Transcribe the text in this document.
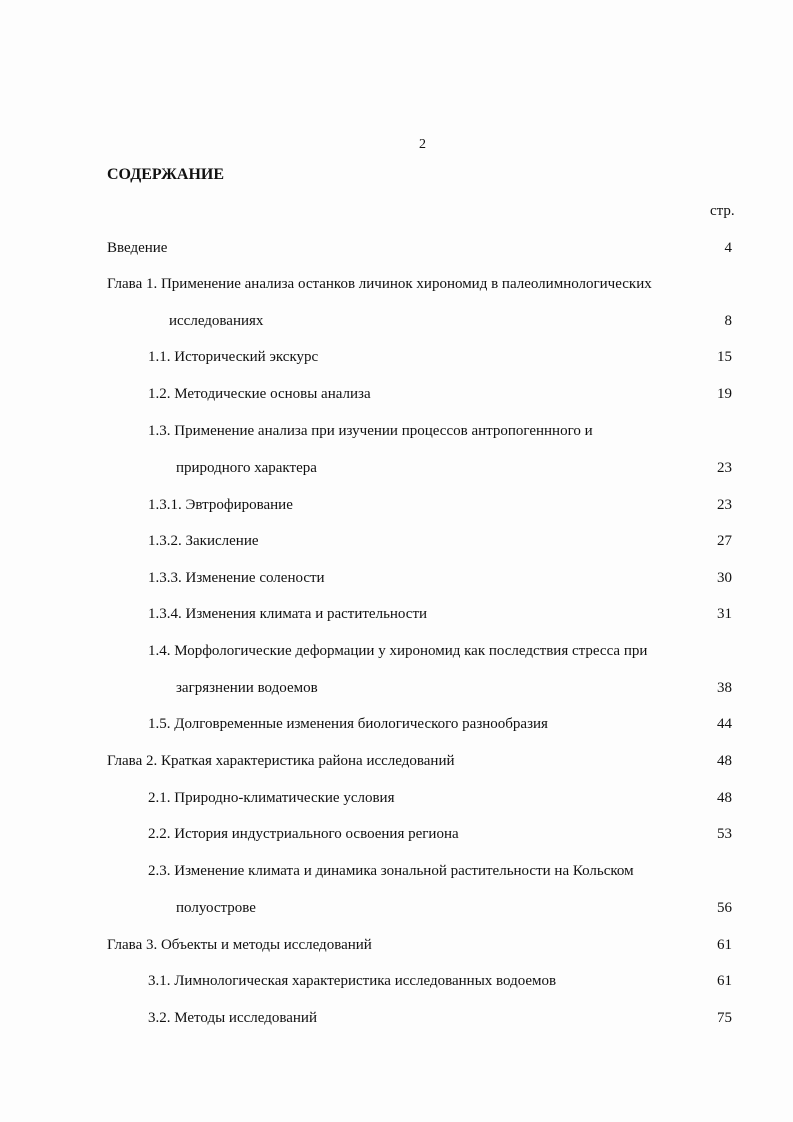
2
СОДЕРЖАНИЕ
стр.
Введение	4
Глава 1. Применение анализа останков личинок хирономид в палеолимнологических
исследованиях	8
1.1. Исторический экскурс	15
1.2. Методические основы анализа	19
1.3. Применение анализа при изучении процессов антропогеннного и
природного характера	23
1.3.1. Эвтрофирование	23
1.3.2. Закисление	27
1.3.3. Изменение солености	30
1.3.4. Изменения климата и растительности	31
1.4. Морфологические деформации у хирономид как последствия стресса при
загрязнении водоемов	38
1.5. Долговременные изменения биологического разнообразия	44
Глава 2. Краткая характеристика района исследований	48
2.1. Природно-климатические условия	48
2.2. История индустриального освоения региона	53
2.3. Изменение климата и динамика зональной растительности на Кольском
полуострове	56
Глава 3. Объекты и методы исследований	61
3.1. Лимнологическая характеристика исследованных водоемов	61
3.2. Методы исследований	75
